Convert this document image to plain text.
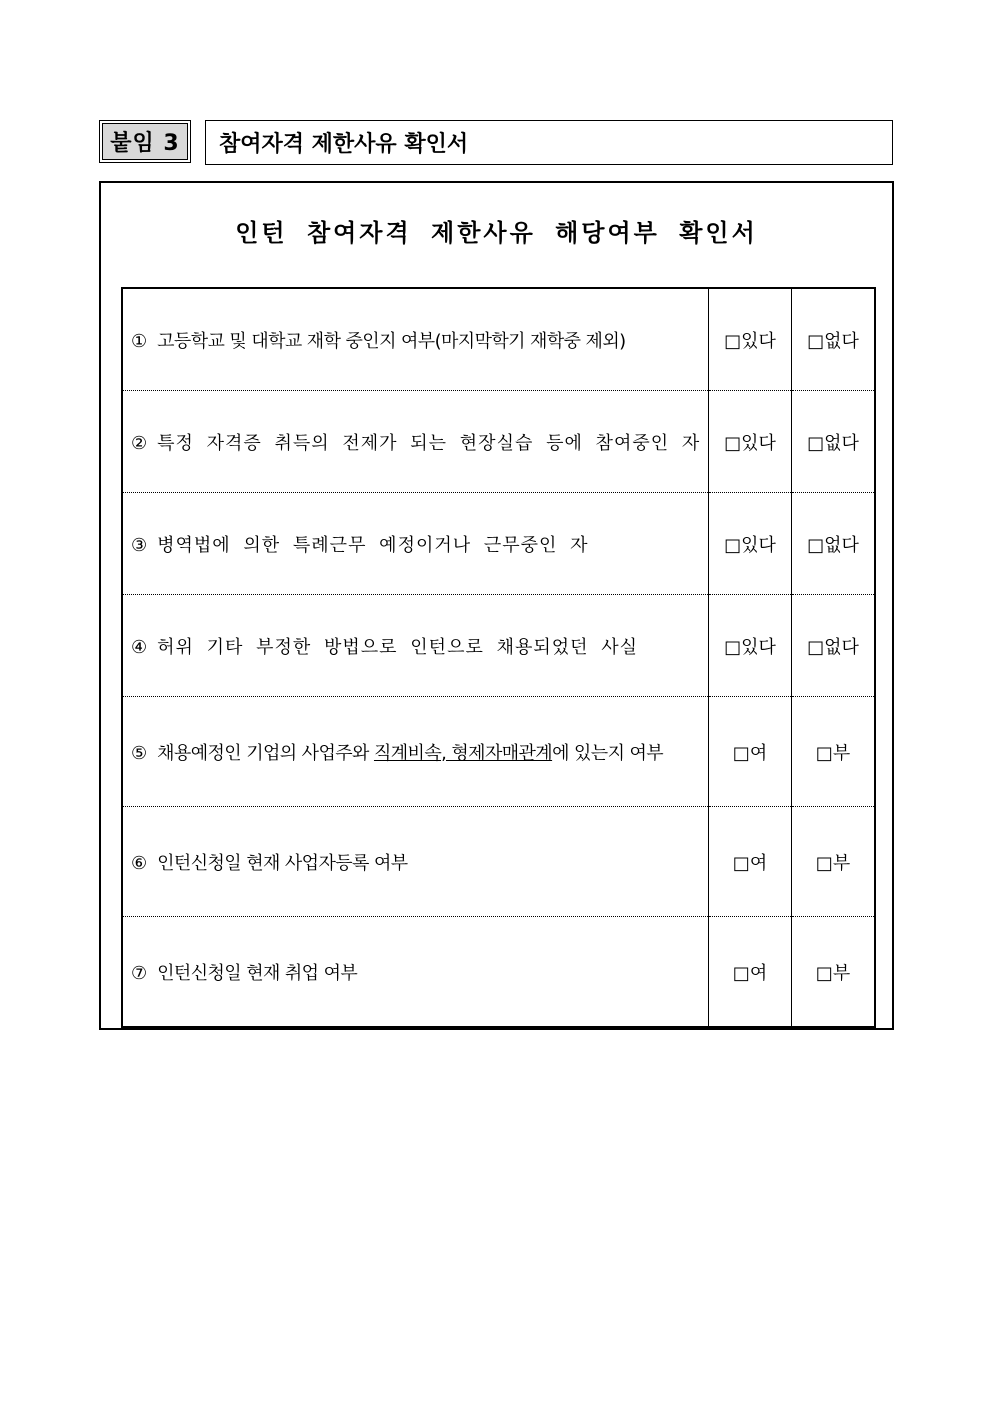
붙임 3	참여자격 제한사유 확인서
인턴 참여자격 제한사유 해당여부 확인서
① 고등학교 및 대학교 재학 중인지 여부(마지막학기 재학중 제외)	□있다	□없다
② 특정 자격증 취득의 전제가 되는 현장실습 등에 참여중인 자	□있다	□없다
③ 병역법에 의한 특례근무 예정이거나 근무중인 자	□있다	□없다
④ 허위 기타 부정한 방법으로 인턴으로 채용되었던 사실	□있다	□없다
⑤ 채용예정인 기업의 사업주와 직계비속, 형제자매관계에 있는지 여부	□여	□부
⑥ 인턴신청일 현재 사업자등록 여부	□여	□부
⑦ 인턴신청일 현재 취업 여부	□여	□부
